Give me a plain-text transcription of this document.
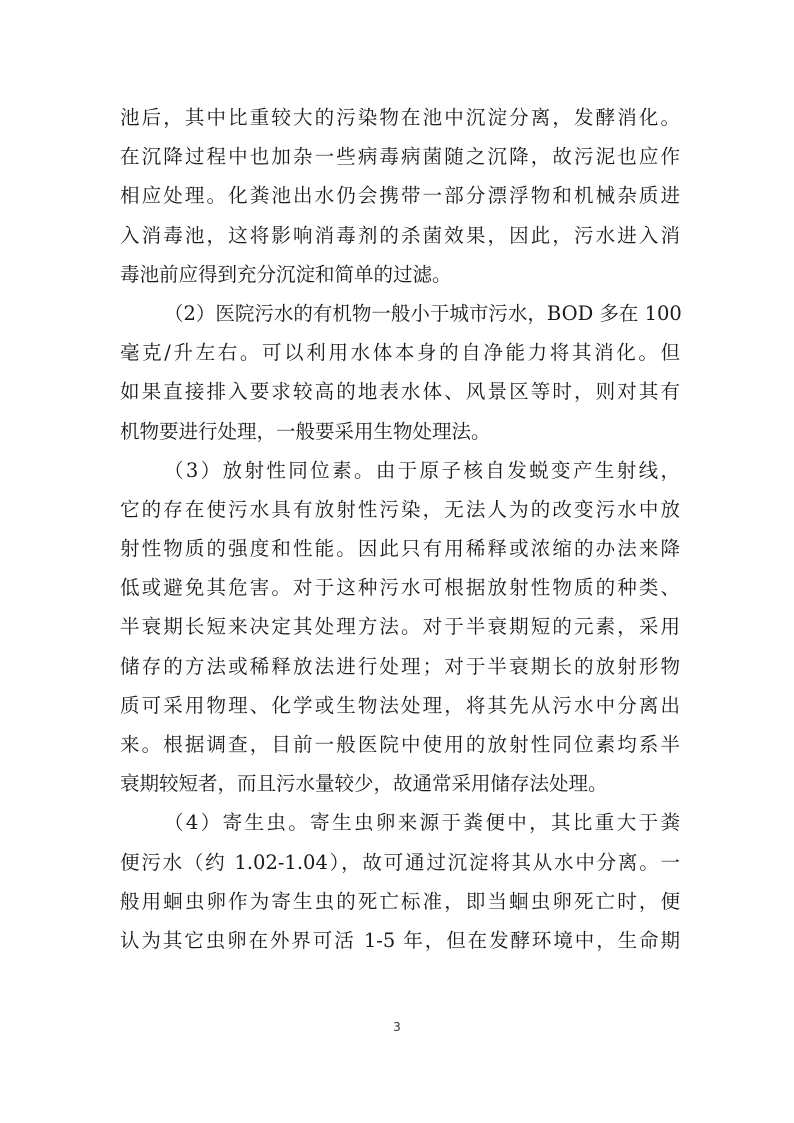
池后，其中比重较大的污染物在池中沉淀分离，发酵消化。
在沉降过程中也加杂一些病毒病菌随之沉降，故污泥也应作
相应处理。化粪池出水仍会携带一部分漂浮物和机械杂质进
入消毒池，这将影响消毒剂的杀菌效果，因此，污水进入消
毒池前应得到充分沉淀和简单的过滤。
（2）医院污水的有机物一般小于城市污水，BOD 多在 100
毫克/升左右。可以利用水体本身的自净能力将其消化。但
如果直接排入要求较高的地表水体、风景区等时，则对其有
机物要进行处理，一般要采用生物处理法。
（3）放射性同位素。由于原子核自发蜕变产生射线，
它的存在使污水具有放射性污染，无法人为的改变污水中放
射性物质的强度和性能。因此只有用稀释或浓缩的办法来降
低或避免其危害。对于这种污水可根据放射性物质的种类、
半衰期长短来决定其处理方法。对于半衰期短的元素，采用
储存的方法或稀释放法进行处理；对于半衰期长的放射形物
质可采用物理、化学或生物法处理，将其先从污水中分离出
来。根据调查，目前一般医院中使用的放射性同位素均系半
衰期较短者，而且污水量较少，故通常采用储存法处理。
（4）寄生虫。寄生虫卵来源于粪便中，其比重大于粪
便污水（约 1.02-1.04），故可通过沉淀将其从水中分离。一
般用蛔虫卵作为寄生虫的死亡标准，即当蛔虫卵死亡时，便
认为其它虫卵在外界可活 1-5 年，但在发酵环境中，生命期
3
